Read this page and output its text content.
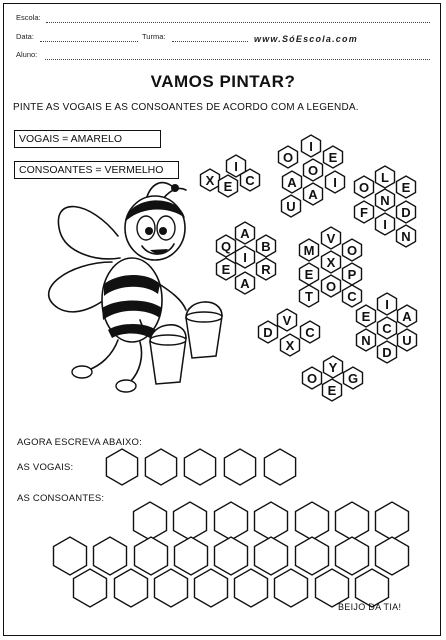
Escola:
Data:	Turma:	www.SóEscola.com
Aluno:
VAMOS PINTAR?
PINTE AS VOGAIS E AS CONSOANTES DE ACORDO COM A LEGENDA.
VOGAIS = AMARELO
CONSOANTES = VERMELHO
X E
I
C
O
I
E
A
O
I
A
U
O
L
E
N
F
I
D
N
Q
A
B
E
I
R
A
M
V
O
E
X
P
T
O
C
D
V
C
X
E
I
A
N
C
U
D
O
Y
E
G
AGORA ESCREVA ABAIXO:
AS VOGAIS:
AS CONSOANTES:
BEIJO DA TIA!
